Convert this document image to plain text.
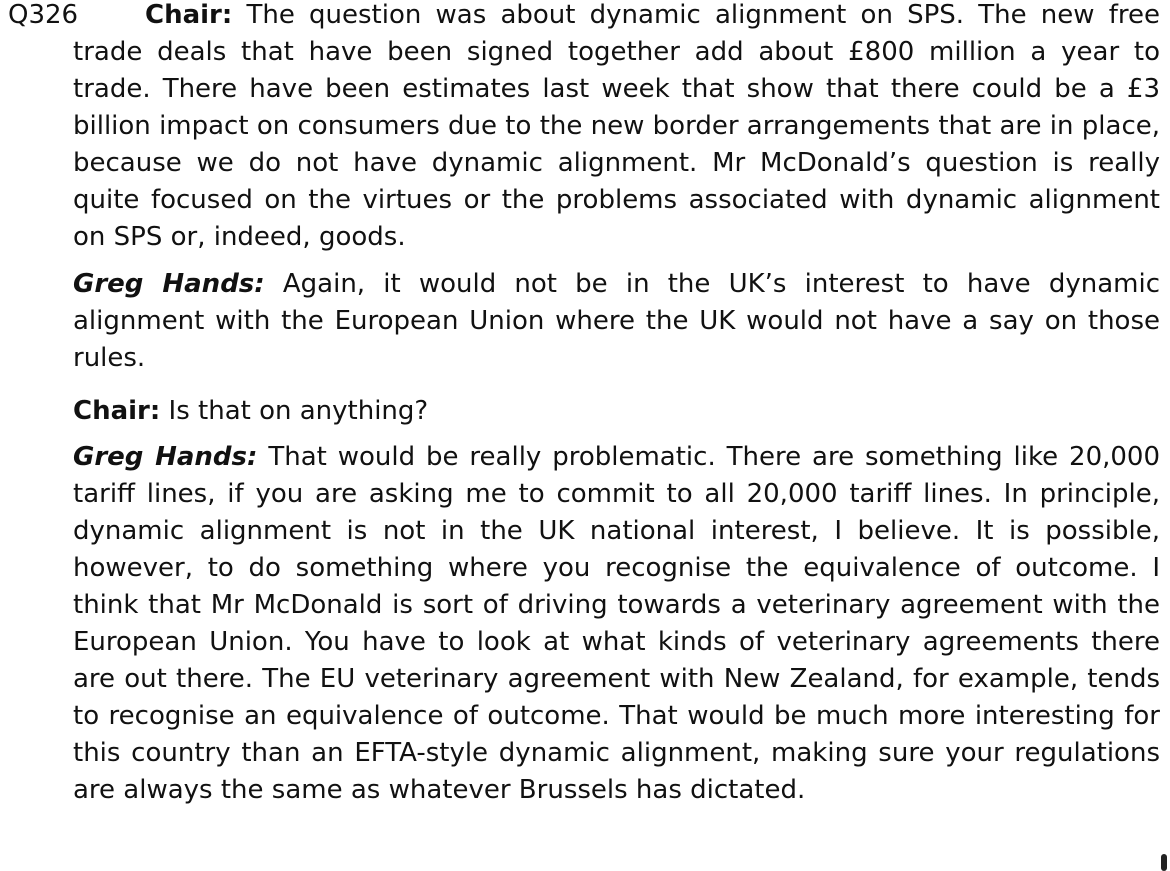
Q326	Chair: The question was about dynamic alignment on SPS. The new free trade deals that have been signed together add about £800 million a year to trade. There have been estimates last week that show that there could be a £3 billion impact on consumers due to the new border arrangements that are in place, because we do not have dynamic alignment. Mr McDonald’s question is really quite focused on the virtues or the problems associated with dynamic alignment on SPS or, indeed, goods.

Greg Hands: Again, it would not be in the UK’s interest to have dynamic alignment with the European Union where the UK would not have a say on those rules.

Chair: Is that on anything?

Greg Hands: That would be really problematic. There are something like 20,000 tariff lines, if you are asking me to commit to all 20,000 tariff lines. In principle, dynamic alignment is not in the UK national interest, I believe. It is possible, however, to do something where you recognise the equivalence of outcome. I think that Mr McDonald is sort of driving towards a veterinary agreement with the European Union. You have to look at what kinds of veterinary agreements there are out there. The EU veterinary agreement with New Zealand, for example, tends to recognise an equivalence of outcome. That would be much more interesting for this country than an EFTA-style dynamic alignment, making sure your regulations are always the same as whatever Brussels has dictated.
